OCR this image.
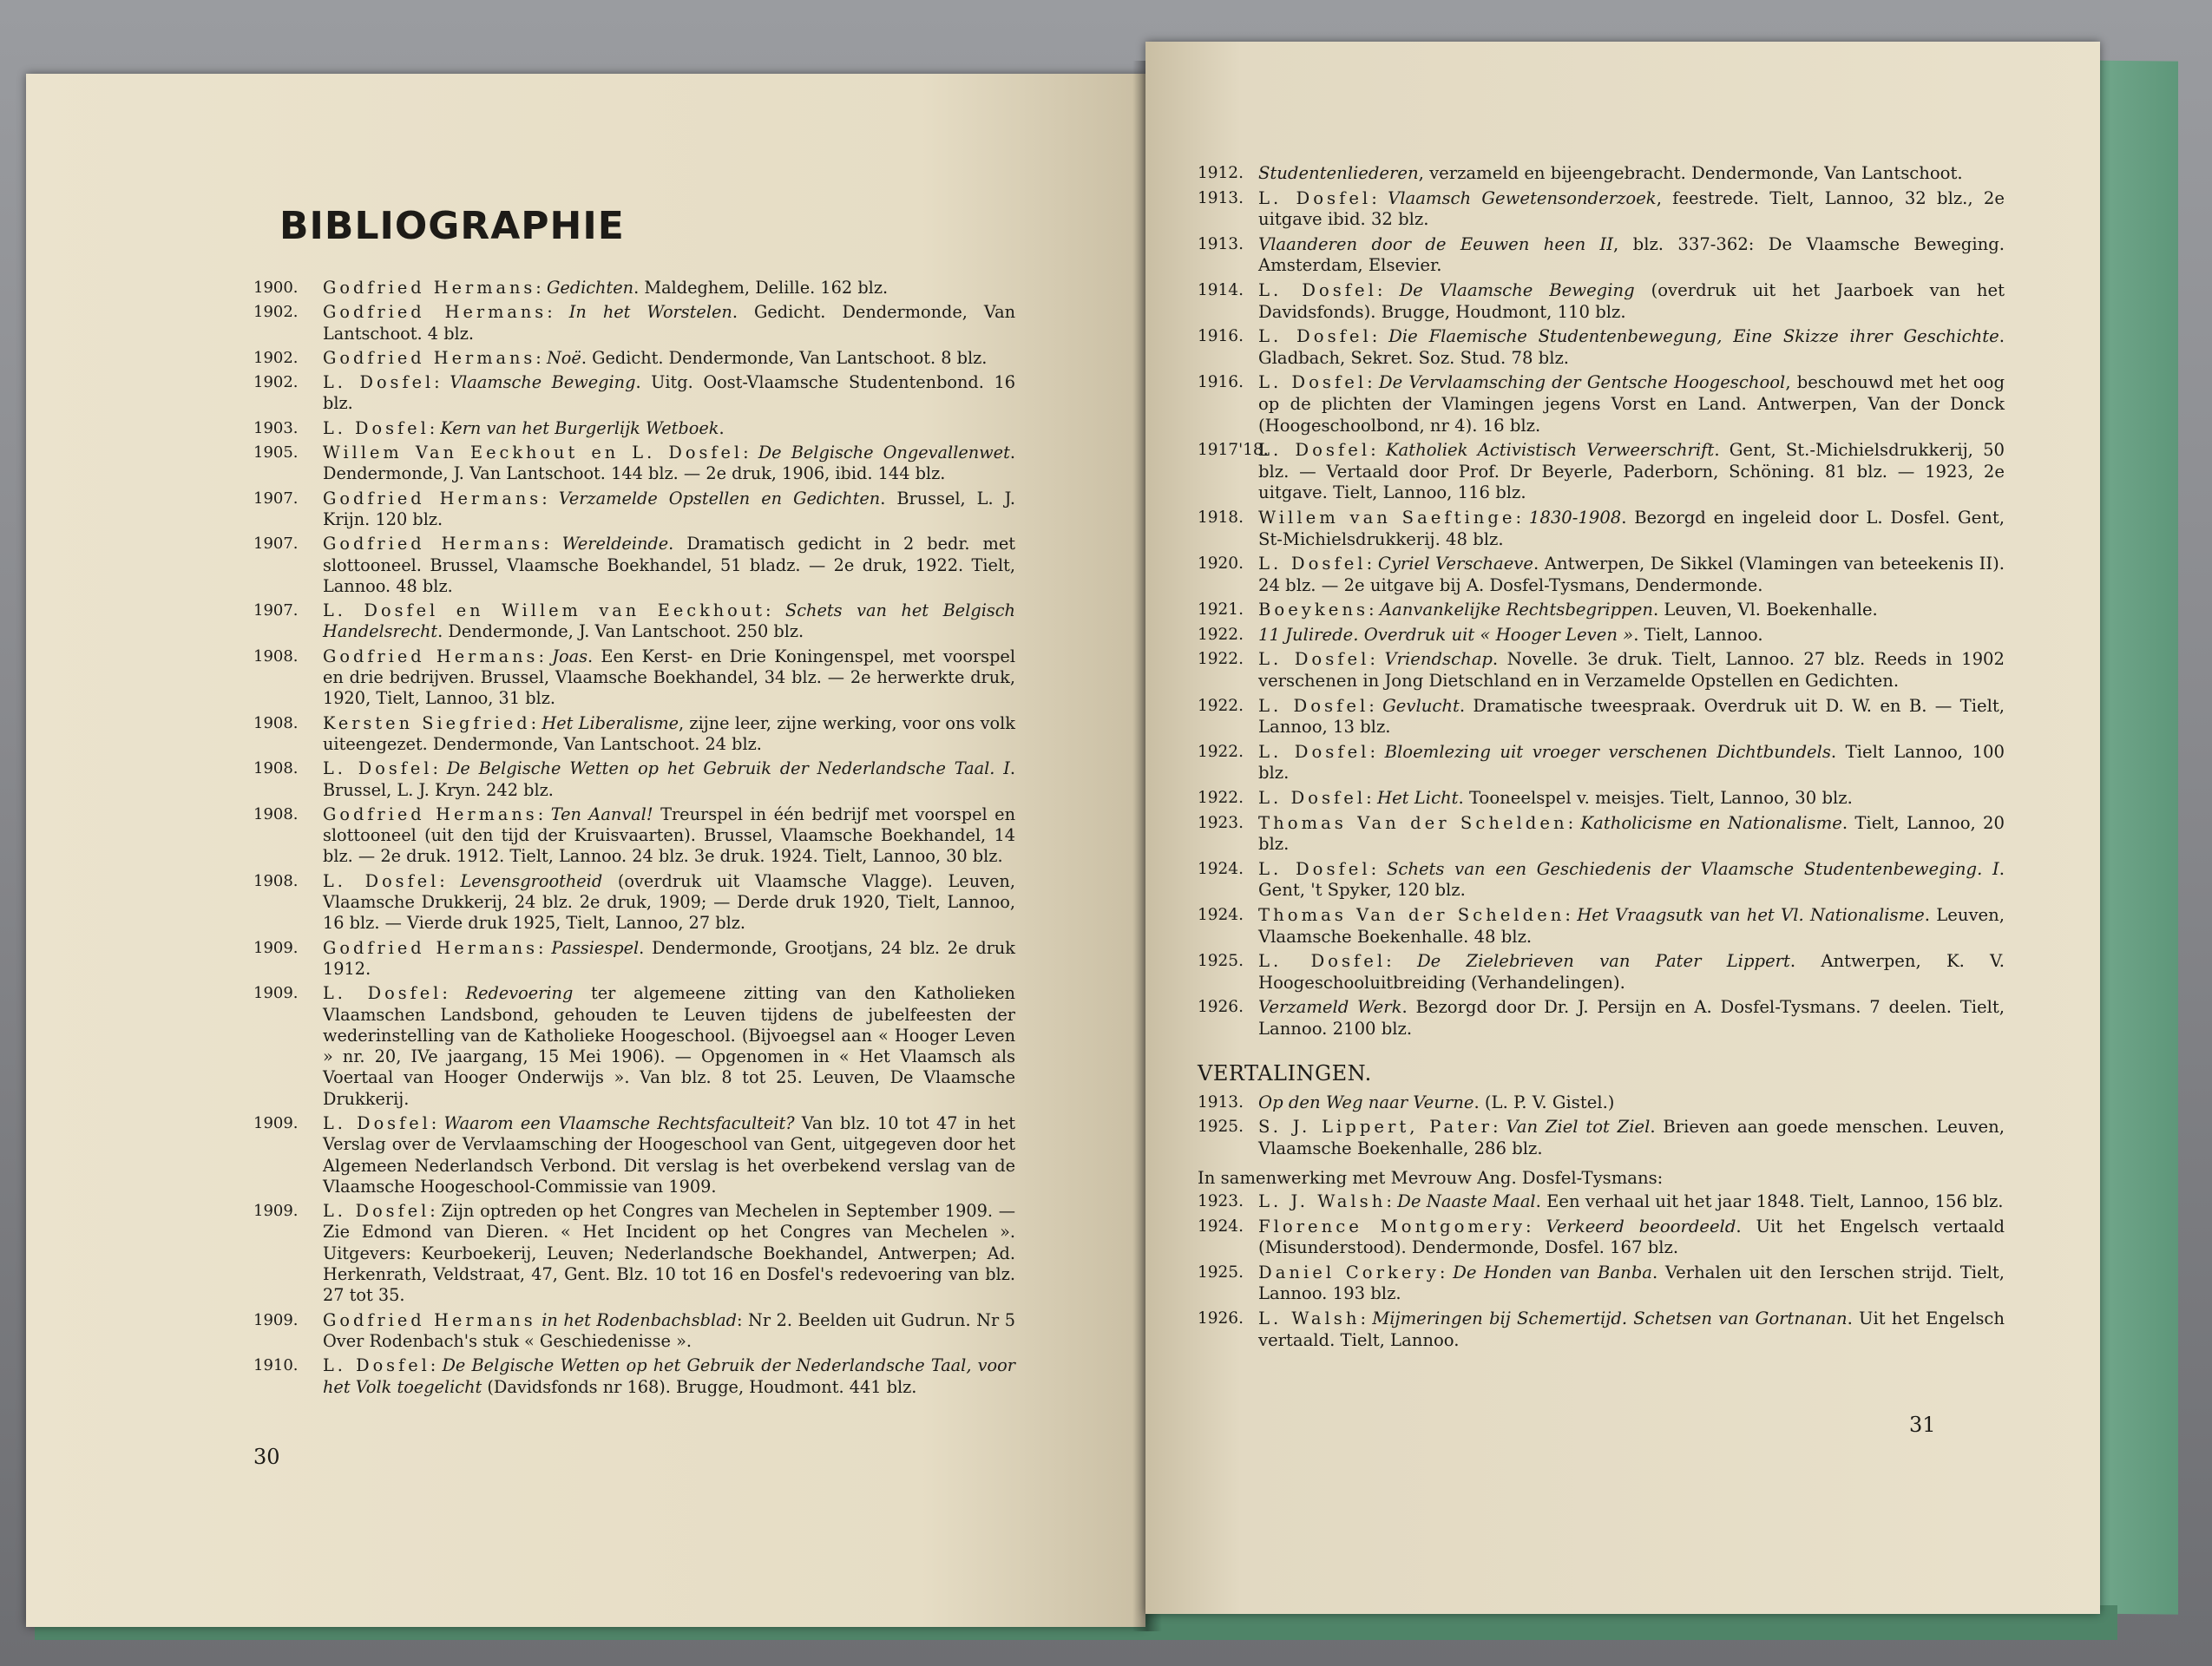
BIBLIOGRAPHIE
1900. Godfried Hermans: Gedichten. Maldeghem, Delille. 162 blz.
1902. Godfried Hermans: In het Worstelen. Gedicht. Dendermonde, Van Lantschoot. 4 blz.
1902. Godfried Hermans: Noë. Gedicht. Dendermonde, Van Lantschoot. 8 blz.
1902. L. Dosfel: Vlaamsche Beweging. Uitg. Oost-Vlaamsche Studentenbond. 16 blz.
1903. L. Dosfel: Kern van het Burgerlijk Wetboek.
1905. Willem Van Eeckhout en L. Dosfel: De Belgische Ongevallenwet. Dendermonde, J. Van Lantschoot. 144 blz. — 2e druk, 1906, ibid. 144 blz.
1907. Godfried Hermans: Verzamelde Opstellen en Gedichten. Brussel, L. J. Krijn. 120 blz.
1907. Godfried Hermans: Wereldeinde. Dramatisch gedicht in 2 bedr. met slottooneel. Brussel, Vlaamsche Boekhandel, 51 bladz. — 2e druk, 1922. Tielt, Lannoo. 48 blz.
1907. L. Dosfel en Willem van Eeckhout: Schets van het Belgisch Handelsrecht. Dendermonde, J. Van Lantschoot. 250 blz.
1908. Godfried Hermans: Joas. Een Kerst- en Drie Koningenspel, met voorspel en drie bedrijven. Brussel, Vlaamsche Boekhandel, 34 blz. — 2e herwerkte druk, 1920, Tielt, Lannoo, 31 blz.
1908. Kersten Siegfried: Het Liberalisme, zijne leer, zijne werking, voor ons volk uiteengezet. Dendermonde, Van Lantschoot. 24 blz.
1908. L. Dosfel: De Belgische Wetten op het Gebruik der Nederlandsche Taal. I. Brussel, L. J. Kryn. 242 blz.
1908. Godfried Hermans: Ten Aanval! Treurspel in één bedrijf met voorspel en slottooneel (uit den tijd der Kruisvaarten). Brussel, Vlaamsche Boekhandel, 14 blz. — 2e druk. 1912. Tielt, Lannoo. 24 blz. 3e druk. 1924. Tielt, Lannoo, 30 blz.
1908. L. Dosfel: Levensgrootheid (overdruk uit Vlaamsche Vlagge). Leuven, Vlaamsche Drukkerij, 24 blz. 2e druk, 1909; — Derde druk 1920, Tielt, Lannoo, 16 blz. — Vierde druk 1925, Tielt, Lannoo, 27 blz.
1909. Godfried Hermans: Passiespel. Dendermonde, Grootjans, 24 blz. 2e druk 1912.
1909. L. Dosfel: Redevoering ter algemeene zitting van den Katholieken Vlaamschen Landsbond, gehouden te Leuven tijdens de jubelfeesten der wederinstelling van de Katholieke Hoogeschool. (Bijvoegsel aan « Hooger Leven » nr. 20, IVe jaargang, 15 Mei 1906). — Opgenomen in « Het Vlaamsch als Voertaal van Hooger Onderwijs ». Van blz. 8 tot 25. Leuven, De Vlaamsche Drukkerij.
1909. L. Dosfel: Waarom een Vlaamsche Rechtsfaculteit? Van blz. 10 tot 47 in het Verslag over de Vervlaamsching der Hoogeschool van Gent, uitgegeven door het Algemeen Nederlandsch Verbond. Dit verslag is het overbekend verslag van de Vlaamsche Hoogeschool-Commissie van 1909.
1909. L. Dosfel: Zijn optreden op het Congres van Mechelen in September 1909. — Zie Edmond van Dieren. « Het Incident op het Congres van Mechelen ». Uitgevers: Keurboekerij, Leuven; Nederlandsche Boekhandel, Antwerpen; Ad. Herkenrath, Veldstraat, 47, Gent. Blz. 10 tot 16 en Dosfel's redevoering van blz. 27 tot 35.
1909. Godfried Hermans in het Rodenbachsblad: Nr 2. Beelden uit Gudrun. Nr 5 Over Rodenbach's stuk « Geschiedenisse ».
1910. L. Dosfel: De Belgische Wetten op het Gebruik der Nederlandsche Taal, voor het Volk toegelicht (Davidsfonds nr 168). Brugge, Houdmont. 441 blz.
30
1912. Studentenliederen, verzameld en bijeengebracht. Dendermonde, Van Lantschoot.
1913. L. Dosfel: Vlaamsch Gewetensonderzoek, feestrede. Tielt, Lannoo, 32 blz., 2e uitgave ibid. 32 blz.
1913. Vlaanderen door de Eeuwen heen II, blz. 337-362: De Vlaamsche Beweging. Amsterdam, Elsevier.
1914. L. Dosfel: De Vlaamsche Beweging (overdruk uit het Jaarboek van het Davidsfonds). Brugge, Houdmont, 110 blz.
1916. L. Dosfel: Die Flaemische Studentenbewegung, Eine Skizze ihrer Geschichte. Gladbach, Sekret. Soz. Stud. 78 blz.
1916. L. Dosfel: De Vervlaamsching der Gentsche Hoogeschool, beschouwd met het oog op de plichten der Vlamingen jegens Vorst en Land. Antwerpen, Van der Donck (Hoogeschoolbond, nr 4). 16 blz.
1917'18.
L. Dosfel: Katholiek Activistisch Verweerschrift. Gent, St.-Michielsdrukkerij, 50 blz. — Vertaald door Prof. Dr Beyerle, Paderborn, Schöning. 81 blz. — 1923, 2e uitgave. Tielt, Lannoo, 116 blz.
1918. Willem van Saeftinge: 1830-1908. Bezorgd en ingeleid door L. Dosfel. Gent, St-Michielsdrukkerij. 48 blz.
1920. L. Dosfel: Cyriel Verschaeve. Antwerpen, De Sikkel (Vlamingen van beteekenis II). 24 blz. — 2e uitgave bij A. Dosfel-Tysmans, Dendermonde.
1921. Boeykens: Aanvankelijke Rechtsbegrippen. Leuven, Vl. Boekenhalle.
1922. 11 Julirede. Overdruk uit « Hooger Leven ». Tielt, Lannoo.
1922. L. Dosfel: Vriendschap. Novelle. 3e druk. Tielt, Lannoo. 27 blz. Reeds in 1902 verschenen in Jong Dietschland en in Verzamelde Opstellen en Gedichten.
1922. L. Dosfel: Gevlucht. Dramatische tweespraak. Overdruk uit D. W. en B. — Tielt, Lannoo, 13 blz.
1922. L. Dosfel: Bloemlezing uit vroeger verschenen Dichtbundels. Tielt Lannoo, 100 blz.
1922. L. Dosfel: Het Licht. Tooneelspel v. meisjes. Tielt, Lannoo, 30 blz.
1923. Thomas Van der Schelden: Katholicisme en Nationalisme. Tielt, Lannoo, 20 blz.
1924. L. Dosfel: Schets van een Geschiedenis der Vlaamsche Studentenbeweging. I. Gent, 't Spyker, 120 blz.
1924. Thomas Van der Schelden: Het Vraagsutk van het Vl. Nationalisme. Leuven, Vlaamsche Boekenhalle. 48 blz.
1925. L. Dosfel: De Zielebrieven van Pater Lippert. Antwerpen, K. V. Hoogeschooluitbreiding (Verhandelingen).
1926. Verzameld Werk. Bezorgd door Dr. J. Persijn en A. Dosfel-Tysmans. 7 deelen. Tielt, Lannoo. 2100 blz.
VERTALINGEN.
1913. Op den Weg naar Veurne. (L. P. V. Gistel.)
1925. S. J. Lippert, Pater: Van Ziel tot Ziel. Brieven aan goede menschen. Leuven, Vlaamsche Boekenhalle, 286 blz.
In samenwerking met Mevrouw Ang. Dosfel-Tysmans:
1923. L. J. Walsh: De Naaste Maal. Een verhaal uit het jaar 1848. Tielt, Lannoo, 156 blz.
1924. Florence Montgomery: Verkeerd beoordeeld. Uit het Engelsch vertaald (Misunderstood). Dendermonde, Dosfel. 167 blz.
1925. Daniel Corkery: De Honden van Banba. Verhalen uit den Ierschen strijd. Tielt, Lannoo. 193 blz.
1926. L. Walsh: Mijmeringen bij Schemertijd. Schetsen van Gortnanan. Uit het Engelsch vertaald. Tielt, Lannoo.
31
